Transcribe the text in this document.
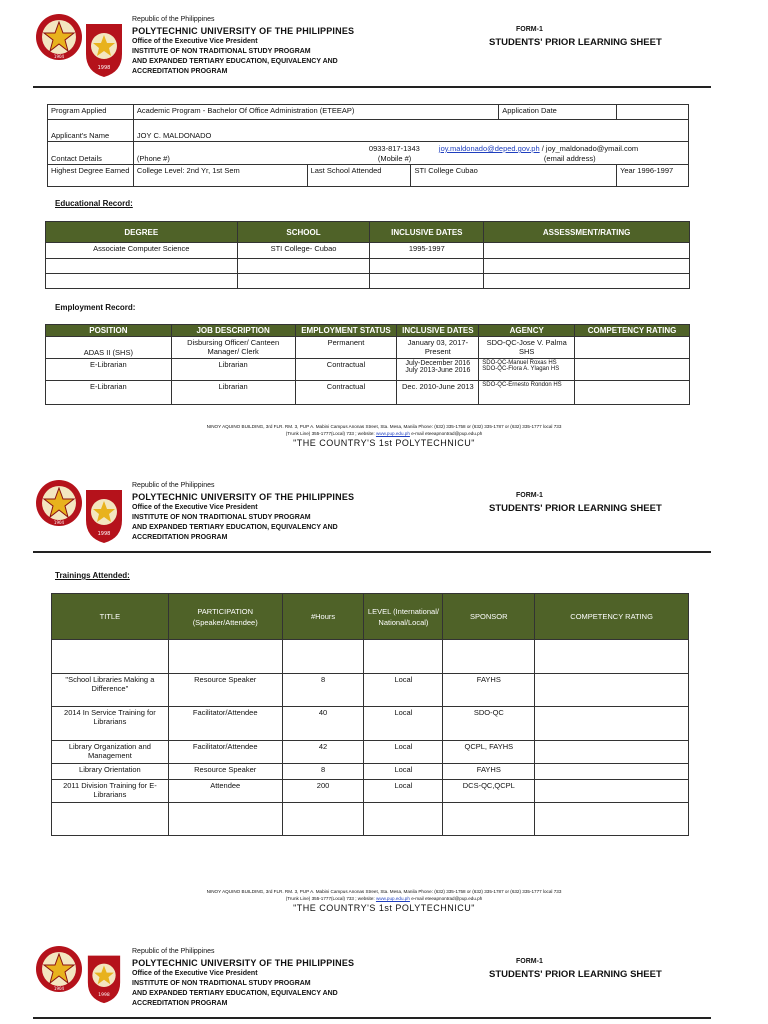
1904
1998
Republic of the Philippines
POLYTECHNIC UNIVERSITY OF THE PHILIPPINES
Office of the Executive Vice President
INSTITUTE OF NON TRADITIONAL STUDY PROGRAM
AND EXPANDED TERTIARY EDUCATION, EQUIVALENCY AND
ACCREDITATION PROGRAM
FORM-1
STUDENTS' PRIOR LEARNING SHEET
Program Applied	Academic Program - Bachelor Of Office Administration (ETEEAP)			Application Date	
Applicant's Name	JOY C. MALDONADO				
Contact Details	0933-817-1343 joy.maldonado@deped.gov.ph / joy_maldonado@ymail.com
(Phone #) (Mobile #) (email address)				

Highest Degree Earned	College Level: 2nd Yr, 1st Sem	Last School Attended	STI College Cubao		Year 1996-1997
Educational Record:
DEGREE	SCHOOL	INCLUSIVE DATES	ASSESSMENT/RATING
Associate Computer Science	STI College- Cubao	1995-1997	

Employment Record:
POSITION	JOB DESCRIPTION	EMPLOYMENT STATUS	INCLUSIVE DATES	AGENCY	COMPETENCY RATING
ADAS II (SHS)	Disbursing Officer/ Canteen Manager/ Clerk	Permanent	January 03, 2017-Present	SDO-QC-Jose V. Palma SHS	
E-Librarian	Librarian	Contractual	July-December 2016 July 2013-June 2016	SDO-QC-Manuel Roxas HS SDO-QC-Flora A. Ylagan HS	
E-Librarian	Librarian	Contractual	Dec. 2010-June 2013	SDO-QC-Ernesto Rondon HS	
NINOY AQUINO BUILDING, 3rd FLR. RM. 3, PUP A. Mabini Campus Anonas Street, Sta. Mesa, Manila Phone: (632) 335-1758 or (632) 335-1787 or (632) 335-1777 local 733
(Trunk Line) 355-1777(Local) 733 ; website: www.pup.edu.ph e-mail eteeapnontrad@pup.edu.ph
"THE COUNTRY'S 1st POLYTECHNICU"
1904
1998
Republic of the Philippines
POLYTECHNIC UNIVERSITY OF THE PHILIPPINES
Office of the Executive Vice President
INSTITUTE OF NON TRADITIONAL STUDY PROGRAM
AND EXPANDED TERTIARY EDUCATION, EQUIVALENCY AND
ACCREDITATION PROGRAM
FORM-1
STUDENTS' PRIOR LEARNING SHEET
Trainings Attended:
TITLE	PARTICIPATION (Speaker/Attendee)	#Hours	LEVEL (International/ National/Local)	SPONSOR	COMPETENCY RATING

"School Libraries Making a Difference"	Resource Speaker	8	Local	FAYHS	
2014 In Service Training for Librarians	Facilitator/Attendee	40	Local	SDO-QC	
Library Organization and Management	Facilitator/Attendee	42	Local	QCPL, FAYHS	
Library Orientation	Resource Speaker	8	Local	FAYHS	
2011 Division Training for E-Librarians	Attendee	200	Local	DCS-QC,QCPL	

NINOY AQUINO BUILDING, 3rd FLR. RM. 3, PUP A. Mabini Campus Anonas Street, Sta. Mesa, Manila Phone: (632) 335-1758 or (632) 335-1787 or (632) 335-1777 local 733
(Trunk Line) 355-1777(Local) 733 ; website: www.pup.edu.ph e-mail eteeapnontrad@pup.edu.ph
"THE COUNTRY'S 1st POLYTECHNICU"
1904
1998
Republic of the Philippines
POLYTECHNIC UNIVERSITY OF THE PHILIPPINES
Office of the Executive Vice President
INSTITUTE OF NON TRADITIONAL STUDY PROGRAM
AND EXPANDED TERTIARY EDUCATION, EQUIVALENCY AND
ACCREDITATION PROGRAM
FORM-1
STUDENTS' PRIOR LEARNING SHEET
